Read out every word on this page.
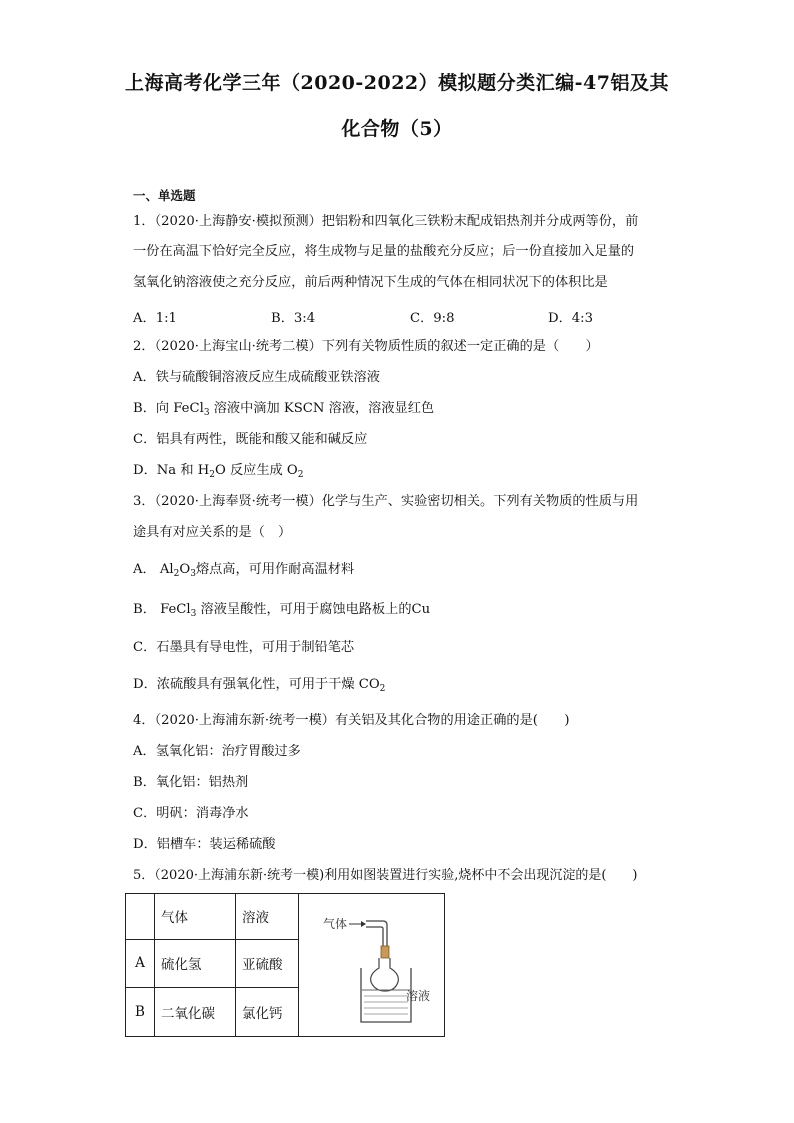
上海高考化学三年（2020-2022）模拟题分类汇编-47铝及其
化合物（5）
一、单选题
1．（2020·上海静安·模拟预测）把铝粉和四氧化三铁粉末配成铝热剂并分成两等份，前
一份在高温下恰好完全反应，将生成物与足量的盐酸充分反应；后一份直接加入足量的
氢氧化钠溶液使之充分反应，前后两种情况下生成的气体在相同状况下的体积比是
A．1:1	B．3:4	C．9:8	D．4:3
2．（2020·上海宝山·统考二模）下列有关物质性质的叙述一定正确的是（　　）
A．铁与硫酸铜溶液反应生成硫酸亚铁溶液
B．向 FeCl$_3$ 溶液中滴加 KSCN 溶液，溶液显红色
C．铝具有两性，既能和酸又能和碱反应
D．Na 和 $H_2O$ 反应生成 $O_2$
3．（2020·上海奉贤·统考一模）化学与生产、实验密切相关。下列有关物质的性质与用
途具有对应关系的是（　）
A． $Al_2O_3$熔点高，可用作耐高温材料
B． FeCl$_3$ 溶液呈酸性，可用于腐蚀电路板上的Cu
C．石墨具有导电性，可用于制铅笔芯
D．浓硫酸具有强氧化性，可用于干燥 $CO_2$
4．（2020·上海浦东新·统考一模）有关铝及其化合物的用途正确的是(　　)
A．氢氧化铝：治疗胃酸过多
B．氧化铝：铝热剂
C．明矾：消毒净水
D．铝槽车：装运稀硫酸
5．（2020·上海浦东新·统考一模)利用如图装置进行实验,烧杯中不会出现沉淀的是(　　)
	气体	溶液	气体
溶液

A	硫化氢	亚硫酸	
B	二氧化碳	氯化钙	
